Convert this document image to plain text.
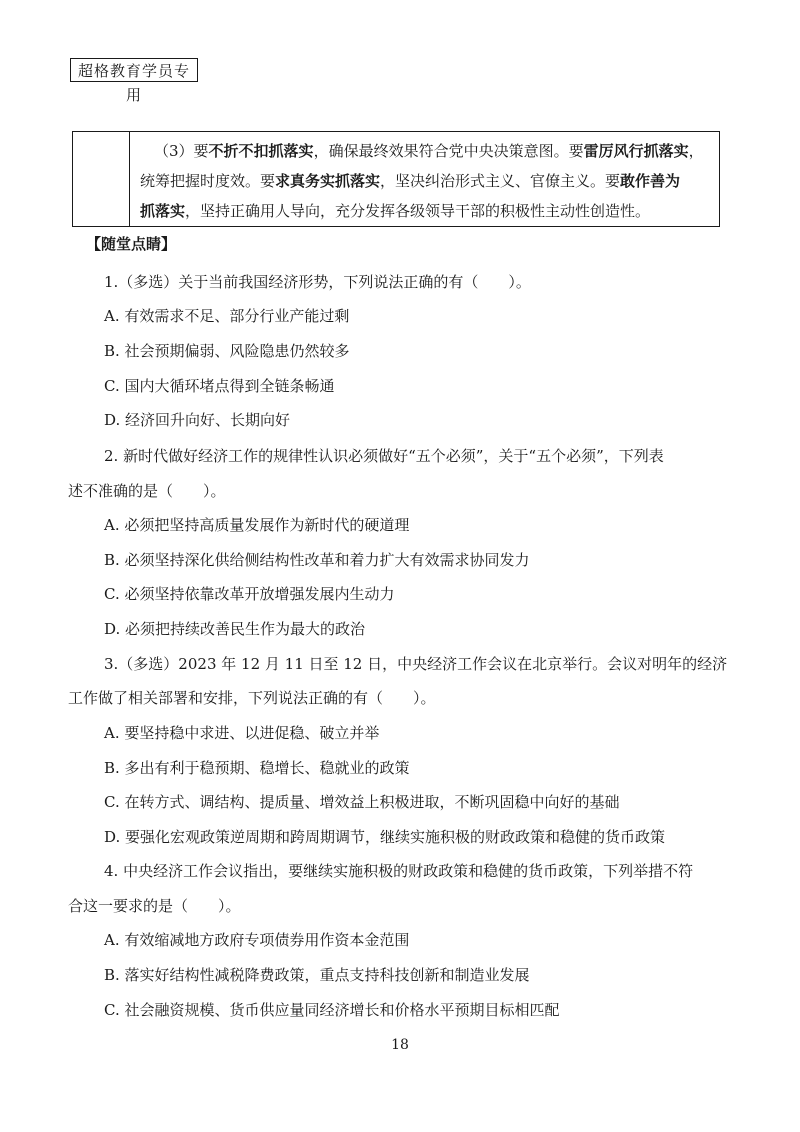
超格教育学员专用
（3）要不折不扣抓落实，确保最终效果符合党中央决策意图。要雷厉风行抓落实，
统筹把握时度效。要求真务实抓落实，坚决纠治形式主义、官僚主义。要敢作善为
抓落实，坚持正确用人导向，充分发挥各级领导干部的积极性主动性创造性。
【随堂点睛】
1.（多选）关于当前我国经济形势，下列说法正确的有（　　）。
A. 有效需求不足、部分行业产能过剩
B. 社会预期偏弱、风险隐患仍然较多
C. 国内大循环堵点得到全链条畅通
D. 经济回升向好、长期向好
2. 新时代做好经济工作的规律性认识必须做好“五个必须”，关于“五个必须”，下列表
述不准确的是（　　）。
A. 必须把坚持高质量发展作为新时代的硬道理
B. 必须坚持深化供给侧结构性改革和着力扩大有效需求协同发力
C. 必须坚持依靠改革开放增强发展内生动力
D. 必须把持续改善民生作为最大的政治
3.（多选）2023 年 12 月 11 日至 12 日，中央经济工作会议在北京举行。会议对明年的经济
工作做了相关部署和安排，下列说法正确的有（　　）。
A. 要坚持稳中求进、以进促稳、破立并举
B. 多出有利于稳预期、稳增长、稳就业的政策
C. 在转方式、调结构、提质量、增效益上积极进取，不断巩固稳中向好的基础
D. 要强化宏观政策逆周期和跨周期调节，继续实施积极的财政政策和稳健的货币政策
4. 中央经济工作会议指出，要继续实施积极的财政政策和稳健的货币政策，下列举措不符
合这一要求的是（　　）。
A. 有效缩减地方政府专项债券用作资本金范围
B. 落实好结构性减税降费政策，重点支持科技创新和制造业发展
C. 社会融资规模、货币供应量同经济增长和价格水平预期目标相匹配
18
